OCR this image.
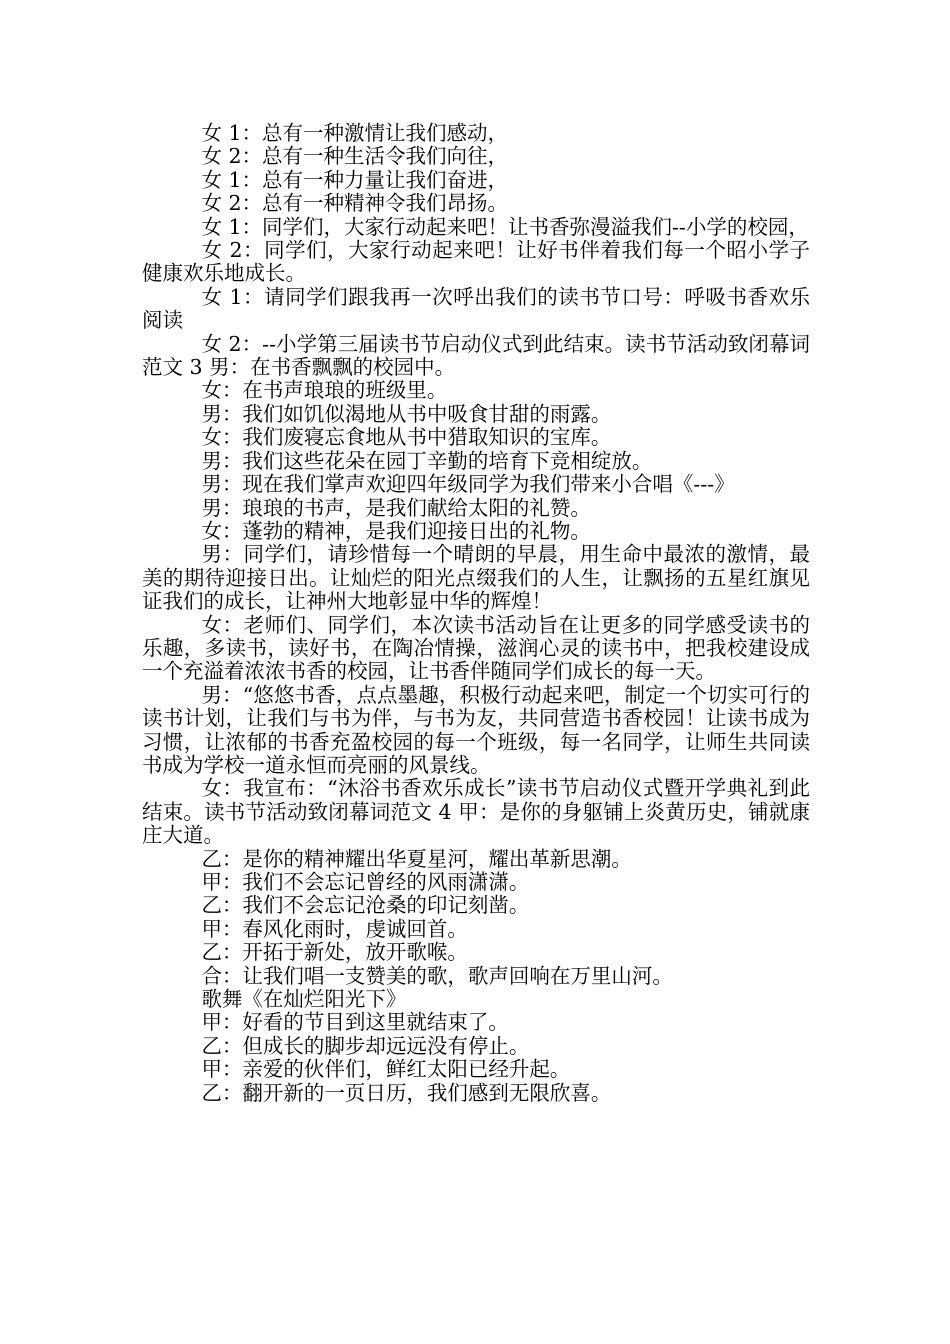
女 1：总有一种激情让我们感动，

女 2：总有一种生活令我们向往，

女 1：总有一种力量让我们奋进，

女 2：总有一种精神令我们昂扬。

女 1：同学们，大家行动起来吧！让书香弥漫溢我们--小学的校园，

女 2：同学们，大家行动起来吧！让好书伴着我们每一个昭小学子健康欢乐地成长。

女 1：请同学们跟我再一次呼出我们的读书节口号：呼吸书香欢乐阅读

女 2：--小学第三届读书节启动仪式到此结束。读书节活动致闭幕词范文 3 男：在书香飘飘的校园中。

女：在书声琅琅的班级里。

男：我们如饥似渴地从书中吸食甘甜的雨露。

女：我们废寝忘食地从书中猎取知识的宝库。

男：我们这些花朵在园丁辛勤的培育下竞相绽放。

男：现在我们掌声欢迎四年级同学为我们带来小合唱《---》

男：琅琅的书声，是我们献给太阳的礼赞。

女：蓬勃的精神，是我们迎接日出的礼物。

男：同学们，请珍惜每一个晴朗的早晨，用生命中最浓的激情，最美的期待迎接日出。让灿烂的阳光点缀我们的人生，让飘扬的五星红旗见证我们的成长，让神州大地彰显中华的辉煌！

女：老师们、同学们，本次读书活动旨在让更多的同学感受读书的乐趣，多读书，读好书，在陶冶情操，滋润心灵的读书中，把我校建设成一个充溢着浓浓书香的校园，让书香伴随同学们成长的每一天。

男：“悠悠书香，点点墨趣，积极行动起来吧，制定一个切实可行的读书计划，让我们与书为伴，与书为友，共同营造书香校园！让读书成为习惯，让浓郁的书香充盈校园的每一个班级，每一名同学，让师生共同读书成为学校一道永恒而亮丽的风景线。

女：我宣布：“沐浴书香欢乐成长”读书节启动仪式暨开学典礼到此结束。读书节活动致闭幕词范文 4 甲：是你的身躯铺上炎黄历史，铺就康庄大道。

乙：是你的精神耀出华夏星河，耀出革新思潮。

甲：我们不会忘记曾经的风雨潇潇。

乙：我们不会忘记沧桑的印记刻凿。

甲：春风化雨时，虔诚回首。

乙：开拓于新处，放开歌喉。

合：让我们唱一支赞美的歌，歌声回响在万里山河。

歌舞《在灿烂阳光下》

甲：好看的节目到这里就结束了。

乙：但成长的脚步却远远没有停止。

甲：亲爱的伙伴们，鲜红太阳已经升起。

乙：翻开新的一页日历，我们感到无限欣喜。
